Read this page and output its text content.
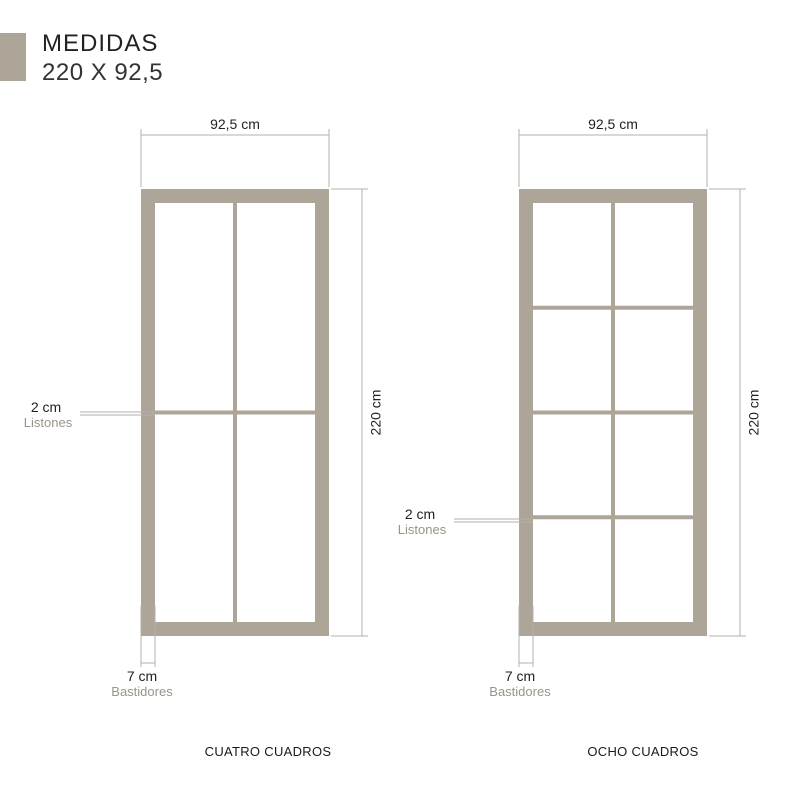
MEDIDAS
220 X 92,5
92,5 cm
220 cm
2 cm
Listones
7 cm
Bastidores
CUATRO CUADROS
92,5 cm
220 cm
2 cm
Listones
7 cm
Bastidores
OCHO CUADROS
